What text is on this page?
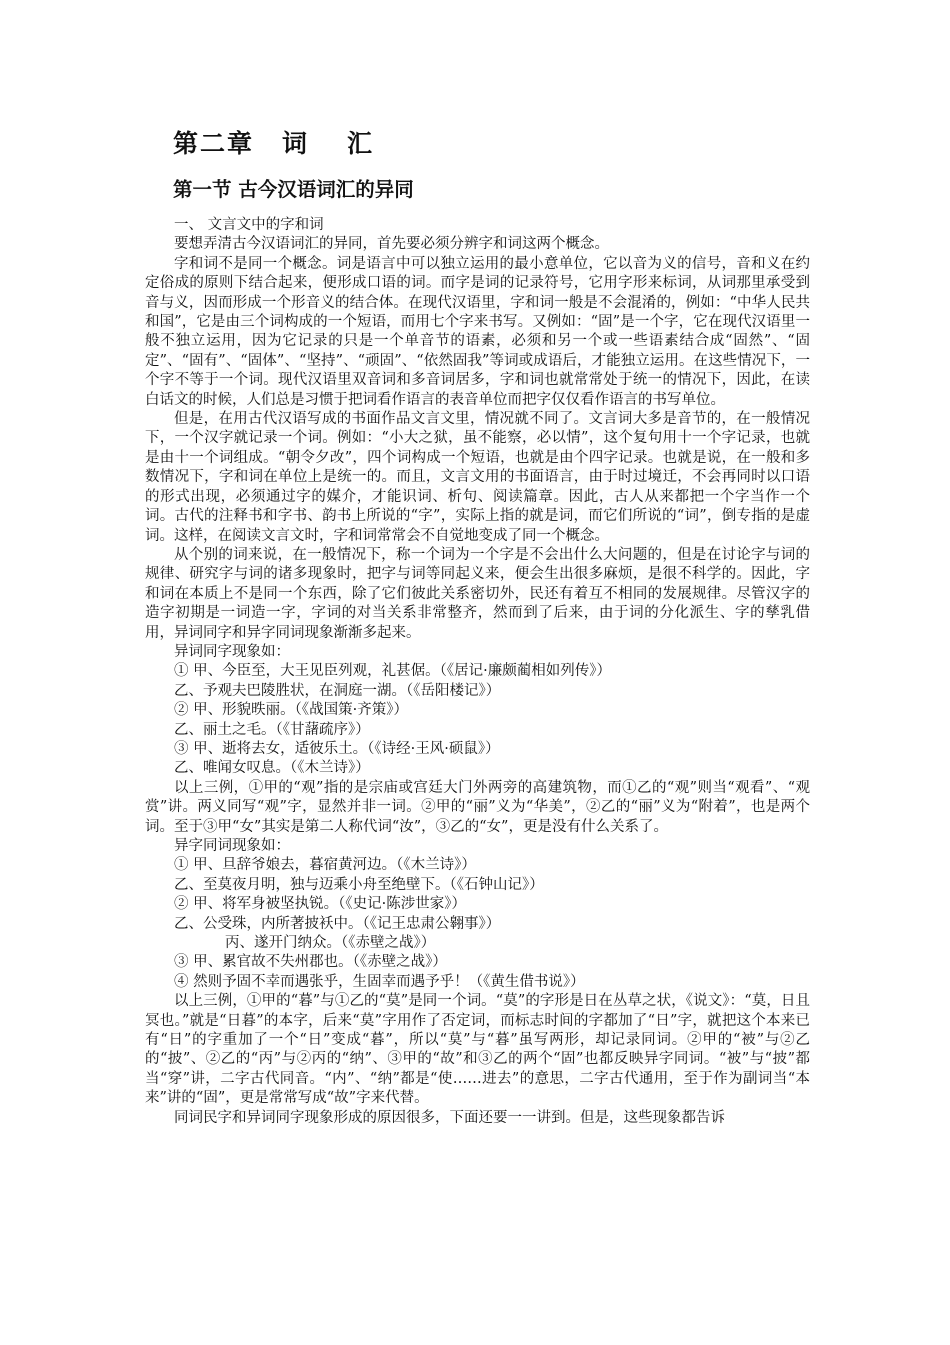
第二章 词 汇
第一节 古今汉语词汇的异同

一、 文言文中的字和词

要想弄清古今汉语词汇的异同，首先要必须分辨字和词这两个概念。

字和词不是同一个概念。词是语言中可以独立运用的最小意单位，它以音为义的信号，音和义在约定俗成的原则下结合起来，便形成口语的词。而字是词的记录符号，它用字形来标词，从词那里承受到音与义，因而形成一个形音义的结合体。在现代汉语里，字和词一般是不会混淆的，例如：“中华人民共和国”，它是由三个词构成的一个短语，而用七个字来书写。又例如：“固”是一个字，它在现代汉语里一般不独立运用，因为它记录的只是一个单音节的语素，必须和另一个或一些语素结合成“固然”、“固定”、“固有”、“固体”、“坚持”、“顽固”、“依然固我”等词或成语后，才能独立运用。在这些情况下，一个字不等于一个词。现代汉语里双音词和多音词居多，字和词也就常常处于统一的情况下，因此，在读白话文的时候，人们总是习惯于把词看作语言的表音单位而把字仅仅看作语言的书写单位。

但是，在用古代汉语写成的书面作品文言文里，情况就不同了。文言词大多是音节的，在一般情况下，一个汉字就记录一个词。例如：“小大之狱，虽不能察，必以情”，这个复句用十一个字记录，也就是由十一个词组成。“朝令夕改”，四个词构成一个短语，也就是由个四字记录。也就是说，在一般和多数情况下，字和词在单位上是统一的。而且，文言文用的书面语言，由于时过境迁，不会再同时以口语的形式出现，必须通过字的媒介，才能识词、析句、阅读篇章。因此，古人从来都把一个字当作一个词。古代的注释书和字书、韵书上所说的“字”，实际上指的就是词，而它们所说的“词”，倒专指的是虚词。这样，在阅读文言文时，字和词常常会不自觉地变成了同一个概念。

从个别的词来说，在一般情况下，称一个词为一个字是不会出什么大问题的，但是在讨论字与词的规律、研究字与词的诸多现象时，把字与词等同起义来，便会生出很多麻烦，是很不科学的。因此，字和词在本质上不是同一个东西，除了它们彼此关系密切外，民还有着互不相同的发展规律。尽管汉字的造字初期是一词造一字，字词的对当关系非常整齐，然而到了后来，由于词的分化派生、字的孳乳借用，异词同字和异字同词现象渐渐多起来。

异词同字现象如：

① 甲、今臣至，大王见臣列观，礼甚倨。（《居记·廉颇蔺相如列传》）

乙、予观夫巴陵胜状，在洞庭一湖。（《岳阳楼记》）

② 甲、形貌昳丽。（《战国策·齐策》）

乙、丽土之毛。（《甘藷疏序》）

③ 甲、逝将去女，适彼乐土。（《诗经·王风·硕鼠》）

乙、唯闻女叹息。（《木兰诗》）

以上三例，①甲的“观”指的是宗庙或宫廷大门外两旁的高建筑物，而①乙的“观”则当“观看”、“观赏”讲。两义同写“观”字，显然并非一词。②甲的“丽”义为“华美”，②乙的“丽”义为“附着”，也是两个词。至于③甲“女”其实是第二人称代词“汝”，③乙的“女”，更是没有什么关系了。

异字同词现象如：

① 甲、旦辞爷娘去，暮宿黄河边。（《木兰诗》）

乙、至莫夜月明，独与迈乘小舟至绝壁下。（《石钟山记》）

② 甲、将军身被坚执锐。（《史记·陈涉世家》）

乙、公受珠，内所著披袄中。（《记王忠肃公翱事》）

丙、遂开门纳众。（《赤壁之战》）

③ 甲、累官故不失州郡也。（《赤壁之战》）

④ 然则予固不幸而遇张乎，生固幸而遇予乎！（《黄生借书说》）

以上三例，①甲的“暮”与①乙的“莫”是同一个词。“莫”的字形是日在丛草之状，《说文》：“莫，日且冥也。”就是“日暮”的本字，后来“莫”字用作了否定词，而标志时间的字都加了“日”字，就把这个本来已有“日”的字重加了一个“日”变成“暮”，所以“莫”与“暮”虽写两形，却记录同词。②甲的“被”与②乙的“披”、②乙的“丙”与②丙的“纳”、③甲的“故”和③乙的两个“固”也都反映异字同词。“被”与“披”都当“穿”讲，二字古代同音。“内”、“纳”都是“使……进去”的意思，二字古代通用，至于作为副词当“本来”讲的“固”，更是常常写成“故”字来代替。

同词民字和异词同字现象形成的原因很多，下面还要一一讲到。但是，这些现象都告诉
